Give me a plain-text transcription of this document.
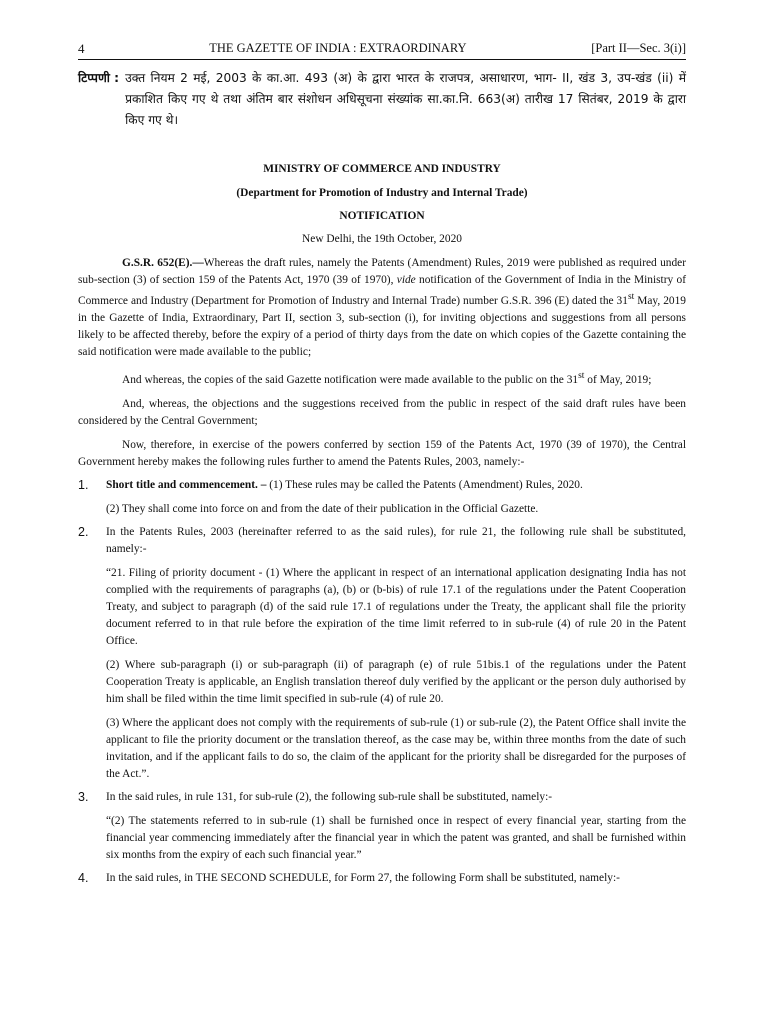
4	THE GAZETTE OF INDIA : EXTRAORDINARY	[Part II—Sec. 3(i)]
टिप्पणी : उक्त नियम 2 मई, 2003 के का.आ. 493 (अ) के द्वारा भारत के राजपत्र, असाधारण, भाग- II, खंड 3, उप-खंड (ii) में प्रकाशित किए गए थे तथा अंतिम बार संशोधन अधिसूचना संख्यांक सा.का.नि. 663(अ) तारीख 17 सितंबर, 2019 के द्वारा किए गए थे।
MINISTRY OF COMMERCE AND INDUSTRY
(Department for Promotion of Industry and Internal Trade)
NOTIFICATION
New Delhi, the 19th October, 2020

G.S.R. 652(E).—Whereas the draft rules, namely the Patents (Amendment) Rules, 2019 were published as required under sub-section (3) of section 159 of the Patents Act, 1970 (39 of 1970), vide notification of the Government of India in the Ministry of Commerce and Industry (Department for Promotion of Industry and Internal Trade) number G.S.R. 396 (E) dated the 31st May, 2019 in the Gazette of India, Extraordinary, Part II, section 3, sub-section (i), for inviting objections and suggestions from all persons likely to be affected thereby, before the expiry of a period of thirty days from the date on which copies of the Gazette containing the said notification were made available to the public;

And whereas, the copies of the said Gazette notification were made available to the public on the 31st of May, 2019;

And, whereas, the objections and the suggestions received from the public in respect of the said draft rules have been considered by the Central Government;

Now, therefore, in exercise of the powers conferred by section 159 of the Patents Act, 1970 (39 of 1970), the Central Government hereby makes the following rules further to amend the Patents Rules, 2003, namely:-

1.	Short title and commencement. – (1) These rules may be called the Patents (Amendment) Rules, 2020.

(2) They shall come into force on and from the date of their publication in the Official Gazette.

2.	In the Patents Rules, 2003 (hereinafter referred to as the said rules), for rule 21, the following rule shall be substituted, namely:-

“21. Filing of priority document - (1) Where the applicant in respect of an international application designating India has not complied with the requirements of paragraphs (a), (b) or (b-bis) of rule 17.1 of the regulations under the Patent Cooperation Treaty, and subject to paragraph (d) of the said rule 17.1 of regulations under the Treaty, the applicant shall file the priority document referred to in that rule before the expiration of the time limit referred to in sub-rule (4) of rule 20 in the Patent Office.

(2) Where sub-paragraph (i) or sub-paragraph (ii) of paragraph (e) of rule 51bis.1 of the regulations under the Patent Cooperation Treaty is applicable, an English translation thereof duly verified by the applicant or the person duly authorised by him shall be filed within the time limit specified in sub-rule (4) of rule 20.

(3) Where the applicant does not comply with the requirements of sub-rule (1) or sub-rule (2), the Patent Office shall invite the applicant to file the priority document or the translation thereof, as the case may be, within three months from the date of such invitation, and if the applicant fails to do so, the claim of the applicant for the priority shall be disregarded for the purposes of the Act.”.

3.	In the said rules, in rule 131, for sub-rule (2), the following sub-rule shall be substituted, namely:-

“(2) The statements referred to in sub-rule (1) shall be furnished once in respect of every financial year, starting from the financial year commencing immediately after the financial year in which the patent was granted, and shall be furnished within six months from the expiry of each such financial year.”

4.	In the said rules, in THE SECOND SCHEDULE, for Form 27, the following Form shall be substituted, namely:-
